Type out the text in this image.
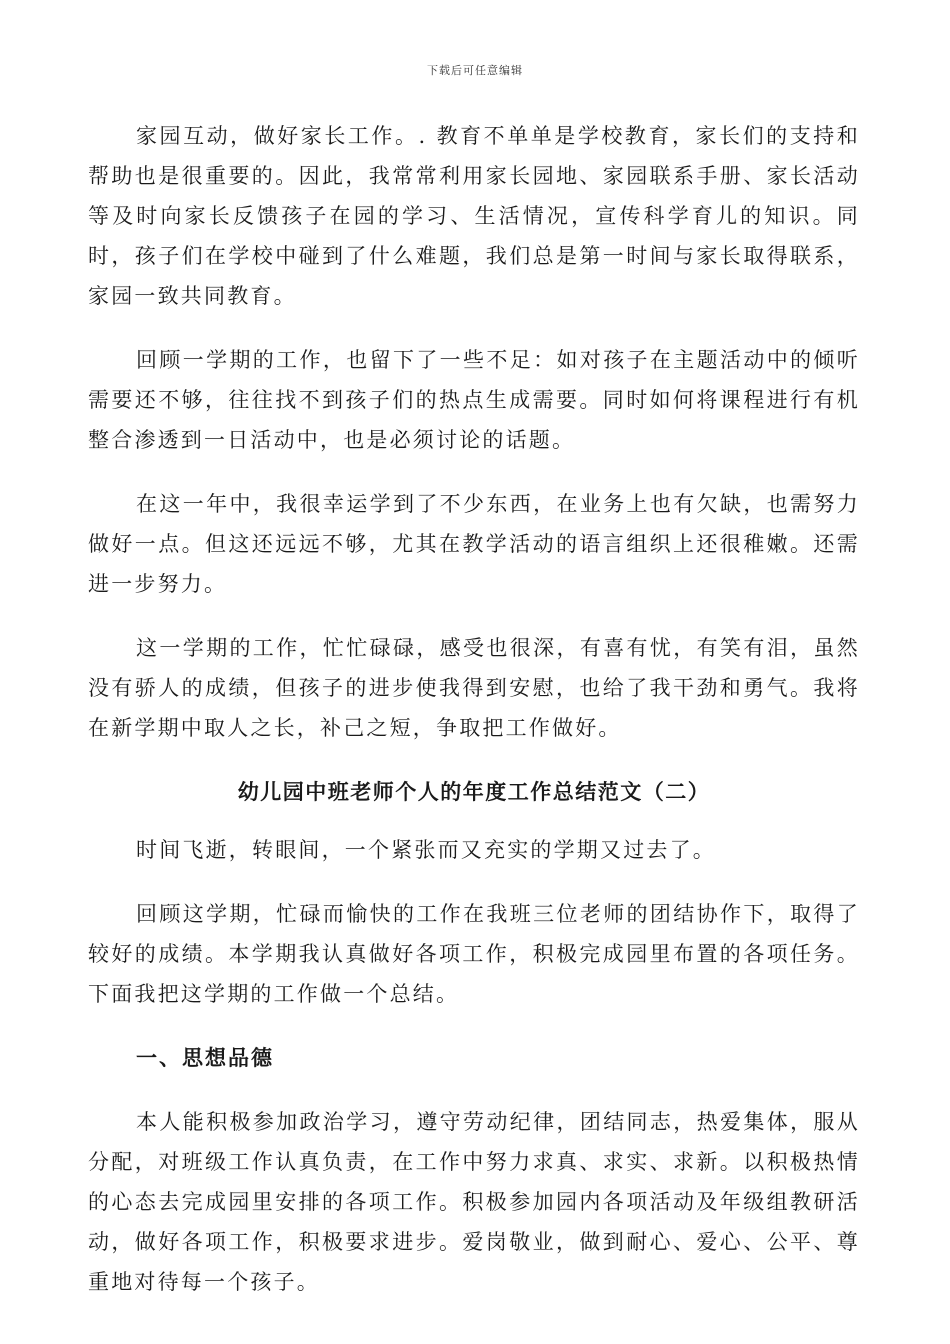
下载后可任意编辑

家园互动，做好家长工作。. 教育不单单是学校教育，家长们的支持和帮助也是很重要的。因此，我常常利用家长园地、家园联系手册、家长活动等及时向家长反馈孩子在园的学习、生活情况，宣传科学育儿的知识。同时，孩子们在学校中碰到了什么难题，我们总是第一时间与家长取得联系，家园一致共同教育。

回顾一学期的工作，也留下了一些不足：如对孩子在主题活动中的倾听需要还不够，往往找不到孩子们的热点生成需要。同时如何将课程进行有机整合渗透到一日活动中，也是必须讨论的话题。

在这一年中，我很幸运学到了不少东西，在业务上也有欠缺，也需努力做好一点。但这还远远不够，尤其在教学活动的语言组织上还很稚嫩。还需进一步努力。

这一学期的工作，忙忙碌碌，感受也很深，有喜有忧，有笑有泪，虽然没有骄人的成绩，但孩子的进步使我得到安慰，也给了我干劲和勇气。我将在新学期中取人之长，补己之短，争取把工作做好。

幼儿园中班老师个人的年度工作总结范文（二）

时间飞逝，转眼间，一个紧张而又充实的学期又过去了。

回顾这学期，忙碌而愉快的工作在我班三位老师的团结协作下，取得了较好的成绩。本学期我认真做好各项工作，积极完成园里布置的各项任务。下面我把这学期的工作做一个总结。

一、思想品德

本人能积极参加政治学习，遵守劳动纪律，团结同志，热爱集体，服从分配，对班级工作认真负责，在工作中努力求真、求实、求新。以积极热情的心态去完成园里安排的各项工作。积极参加园内各项活动及年级组教研活动，做好各项工作，积极要求进步。爱岗敬业，做到耐心、爱心、公平、尊重地对待每一个孩子。
